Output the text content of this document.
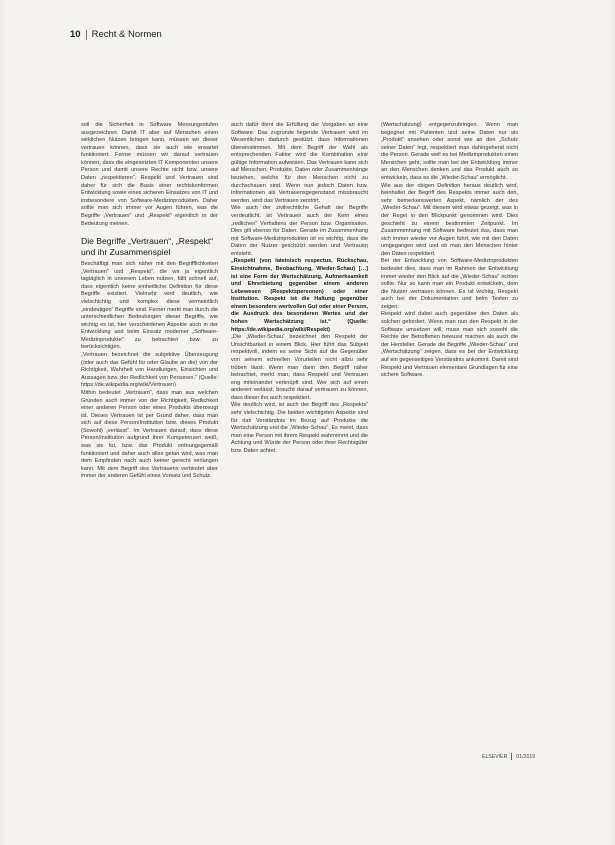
10 Recht & Normen

soll die Sicherheit in Software Messungsstufen ausgezeichnet. Damit IT aber auf Menschen einen wirklichen Nutzen bringen kann, müssen wir dieser vertrauen können, dass sie auch wie erwartet funktioniert. Ferner müssen wir darauf vertrauen können, dass die eingesetzten IT Komponenten unsere Person und damit unsere Rechte nicht bzw. unsere Daten „respektieren“. Respekt und Vertrauen sind daher für sich die Basis einer rechtskonformen Entwicklung sowie eines sicheren Einsatzes von IT und insbesondere von Software-Medizinprodukten. Daher sollte man sich immer vor Augen führen, was die Begriffe „Vertrauen“ und „Respekt“ eigentlich in der Bedeutung meinen.

Die Begriffe „Vertrauen“, „Respekt“ und ihr Zusammenspiel

Beschäftigt man sich näher mit den Begrifflichkeiten „Vertrauen“ und „Respekt“, die wir ja eigentlich tagtäglich in unserem Leben nutzen, fällt schnell auf, dass eigentlich keine einheitliche Definition für diese Begriffe existiert. Vielmehr wird deutlich, wie vielschichtig und komplex diese vermeintlich „eindeutigen“ Begriffe sind. Ferner merkt man durch die unterschiedlichen Bedeutungen dieser Begriffe, wie wichtig es ist, hier verschiedenen Aspekte auch in der Entwicklung und beim Einsatz moderner „Software-Medizinprodukte“ zu betrachten bzw. zu berücksichtigen.

„Vertrauen bezeichnet die subjektive Überzeugung (oder auch das Gefühl für oder Glaube an die) von der Richtigkeit, Wahrheit von Handlungen, Einsichten und Aussagen bzw. der Redlichkeit von Personen.“ (Quelle: https://de.wikipedia.org/wiki/Vertrauen)

Mithin bedeutet „Vertrauen“, dass man aus welchen Gründen auch immer von der Richtigkeit, Redlichkeit einer anderen Person oder eines Produkts überzeugt ist. Dieses Vertrauen ist per Grund daher, dass man sich auf diese Person/Institution bzw. dieses Produkt (Sowohl) „verlässt“. Im Vertrauen darauf, dass diese Person/Institution aufgrund ihrer Kompetenzen weiß, was sie tut, bzw. das Produkt ordnungsgemäß funktioniert und daher auch alles getan wird, was man dem Empfinden nach auch keiner gerecht verlangen kann. Mit dem Begriff des Vertrauens verbindet aber immer der anderen Gefühl eines Vorsatz und Schutz.

auch dafür dient die Erfüllung der Vorgaben an eine Software. Das zugrunde liegende Vertrauen wird im Wesentlichen dadurch gestützt, dass Informationen übereinstimmen. Mit dem Begriff der Wahl als entsprechenden Faktor wird die Kombination eine gültige Information aufweisen. Das Vertrauen kann sich auf Menschen, Produkte, Daten oder Zusammenhänge beziehen, welche für den Menschen nicht zu durchschauen sind. Wenn nun jedoch Daten bzw. Informationen als Vertrauensgegenstand missbraucht werden, wird das Vertrauen zerstört.

Wie auch der zivilrechtliche Gehalt der Begriffe verdeutlicht, ist Vertrauen auch der Kern eines „redlichen“ Verhaltens der Person bzw. Organisation. Dies gilt ebenso für Daten. Gerade im Zusammenhang mit Software-Medizinprodukten ist es wichtig, dass die Daten der Nutzer geschützt werden und Vertrauen entsteht.

„Respekt (von lateinisch respectus, Rückschau, Einsichtnahme, Beobachtung, Wieder-Schau) […] ist eine Form der Wertschätzung, Aufmerksamkeit und Ehrerbietung gegenüber einem anderen Lebewesen (Respektspersonen) oder einer Institution. Respekt ist die Haltung gegenüber einem besonders wertvollen Gut oder einer Person, die Ausdruck des besonderen Wertes und der hohen Wertschätzung ist.“ (Quelle: https://de.wikipedia.org/wiki/Respekt)

„Die „Wieder-Schau“ bezeichnet den Respekt der Unsichtbarkeit in einem Blick. Hier führt das Subjekt respektvoll, indem es seine Sicht auf die Gegenüber von seinem schnellen Vorurteilen nicht allzu sehr trüben lässt. Wenn man dann den Begriff näher betrachtet, merkt man, dass Respekt und Vertrauen eng miteinander verknüpft sind. Wer sich auf einen anderen verlässt, braucht darauf vertrauen zu können, dass dieser ihn auch respektiert.

Wie deutlich wird, ist auch der Begriff des „Respekts“ sehr vielschichtig. Die beiden wichtigsten Aspekte sind für das Verständnis im Bezug auf Produkte die Wertschätzung und die „Wieder-Schau“. Es meint, dass man eine Person mit ihrem Respekt wahrnimmt und die Achtung und Würde der Person oder ihrer Rechtsgüter bzw. Daten achtet.

(Wertschätzung) entgegenzubringen. Wenn man begegnet mit Patienten und seine Daten nur als „Produkt“ ansehen oder sonst wie an den „Schutz seiner Daten“ legt, respektiert man dahingehend nicht die Person. Gerade weil es bei Medizinprodukten einen Menschen geht, sollte man bei der Entwicklung immer an den Menschen denken und das Produkt auch so entwickeln, dass es die „Wieder-Schau“ ermöglicht.

Wie aus der obigen Definition heraus deutlich wird, beinhaltet der Begriff des Respekts immer auch den, sehr bemerkenswerten Aspekt, nämlich der des „Wieder-Schau“. Mit diesem wird etwas gezeigt, was in der Regel in den Blickpunkt genommen wird. Dies geschieht zu einem bestimmten Zeitpunkt. Im Zusammenhang mit Software bedeutet das, dass man sich immer wieder vor Augen führt, wie mit den Daten umgegangen wird und ob man den Menschen hinter den Daten respektiert.

Bei der Entwicklung von Software-Medizinprodukten bedeutet dies, dass man im Rahmen der Entwicklung immer wieder den Blick auf die „Wieder-Schau“ richten sollte. Nur so kann man ein Produkt entwickeln, dem die Nutzer vertrauen können. Es ist wichtig, Respekt auch bei der Dokumentation und beim Testen zu zeigen.

Respekt wird dabei auch gegenüber den Daten als solchen gefordert. Wenn man nun den Respekt in der Software umsetzen will, muss man sich sowohl die Rechte der Betroffenen bewusst machen als auch die der Hersteller. Gerade die Begriffe „Wieder-Schau“ und „Wertschätzung“ zeigen, dass es bei der Entwicklung auf ein gegenseitiges Verständnis ankommt. Damit sind Respekt und Vertrauen elementare Grundlagen für eine sichere Software.

ELSEVIER 01/2019
